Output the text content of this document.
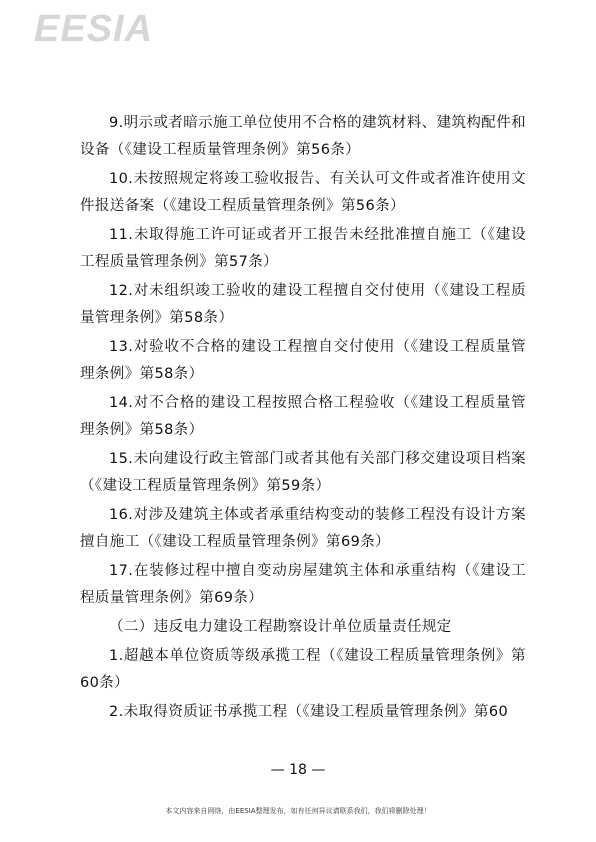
EESIA

9.明示或者暗示施工单位使用不合格的建筑材料、建筑构配件和设备（《建设工程质量管理条例》第56条）

10.未按照规定将竣工验收报告、有关认可文件或者准许使用文件报送备案（《建设工程质量管理条例》第56条）

11.未取得施工许可证或者开工报告未经批准擅自施工（《建设工程质量管理条例》第57条）

12.对未组织竣工验收的建设工程擅自交付使用（《建设工程质量管理条例》第58条）

13.对验收不合格的建设工程擅自交付使用（《建设工程质量管理条例》第58条）

14.对不合格的建设工程按照合格工程验收（《建设工程质量管理条例》第58条）

15.未向建设行政主管部门或者其他有关部门移交建设项目档案（《建设工程质量管理条例》第59条）

16.对涉及建筑主体或者承重结构变动的装修工程没有设计方案擅自施工（《建设工程质量管理条例》第69条）

17.在装修过程中擅自变动房屋建筑主体和承重结构（《建设工程质量管理条例》第69条）

（二）违反电力建设工程勘察设计单位质量责任规定

1.超越本单位资质等级承揽工程（《建设工程质量管理条例》第60条）

2.未取得资质证书承揽工程（《建设工程质量管理条例》第60

— 18 —
本文内容来自网络，由EESIA整理发布，如有任何异议请联系我们，我们将删除处理！
